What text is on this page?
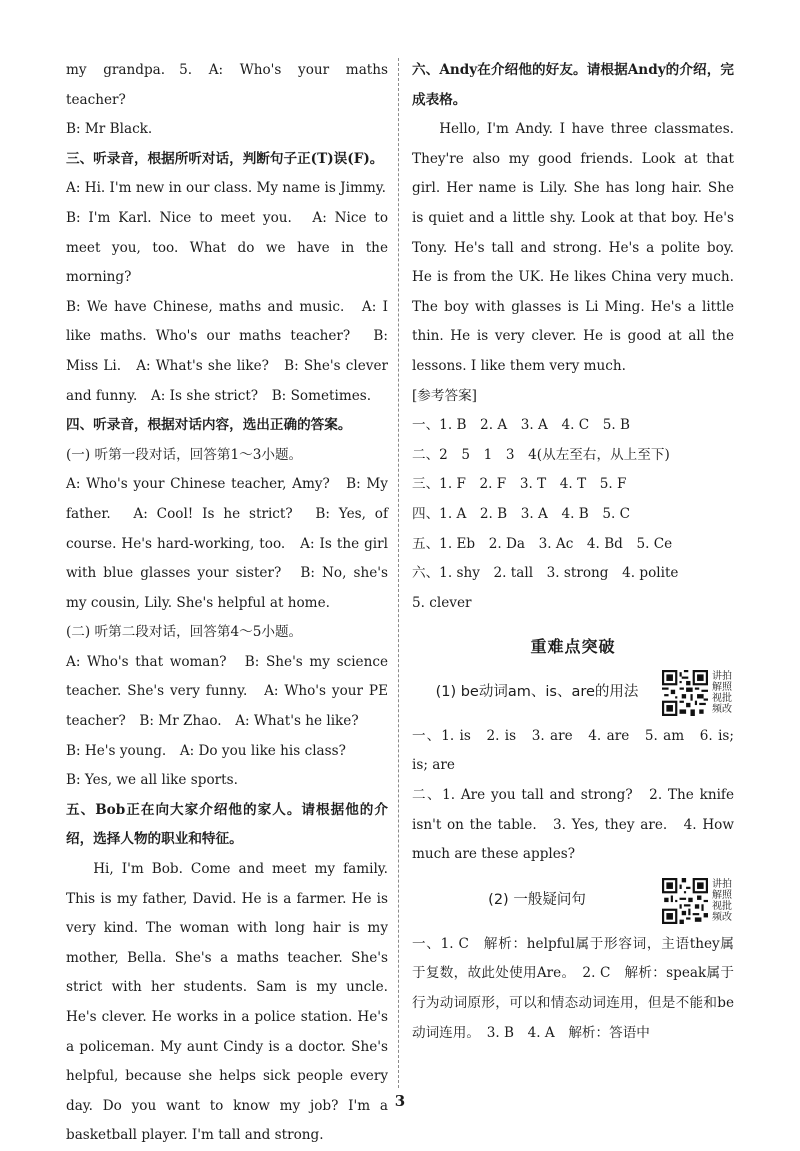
my grandpa. 5. A: Who's your maths teacher?

B: Mr Black.

三、听录音，根据所听对话，判断句子正(T)误(F)。

A: Hi. I'm new in our class. My name is Jimmy.

B: I'm Karl. Nice to meet you.　A: Nice to meet you, too. What do we have in the morning?

B: We have Chinese, maths and music.　A: I like maths. Who's our maths teacher?　B: Miss Li.　A: What's she like?　B: She's clever and funny.　A: Is she strict?　B: Sometimes.

四、听录音，根据对话内容，选出正确的答案。

(一) 听第一段对话，回答第1～3小题。

A: Who's your Chinese teacher, Amy?　B: My father.　A: Cool! Is he strict?　B: Yes, of course. He's hard-working, too.　A: Is the girl with blue glasses your sister?　B: No, she's my cousin, Lily. She's helpful at home.

(二) 听第二段对话，回答第4～5小题。

A: Who's that woman?　B: She's my science teacher. She's very funny.　A: Who's your PE teacher?　B: Mr Zhao.　A: What's he like?

B: He's young.　A: Do you like his class?

B: Yes, we all like sports.

五、Bob正在向大家介绍他的家人。请根据他的介绍，选择人物的职业和特征。

Hi, I'm Bob. Come and meet my family. This is my father, David. He is a farmer. He is very kind. The woman with long hair is my mother, Bella. She's a maths teacher. She's strict with her students. Sam is my uncle. He's clever. He works in a police station. He's a policeman. My aunt Cindy is a doctor. She's helpful, because she helps sick people every day. Do you want to know my job? I'm a basketball player. I'm tall and strong.

六、Andy在介绍他的好友。请根据Andy的介绍，完成表格。

Hello, I'm Andy. I have three classmates. They're also my good friends. Look at that girl. Her name is Lily. She has long hair. She is quiet and a little shy. Look at that boy. He's Tony. He's tall and strong. He's a polite boy. He is from the UK. He likes China very much. The boy with glasses is Li Ming. He's a little thin. He is very clever. He is good at all the lessons. I like them very much.

[参考答案]

一、1. B　2. A　3. A　4. C　5. B

二、2　5　1　3　4(从左至右，从上至下)

三、1. F　2. F　3. T　4. T　5. F

四、1. A　2. B　3. A　4. B　5. C

五、1. Eb　2. Da　3. Ac　4. Bd　5. Ce

六、1. shy　2. tall　3. strong　4. polite

5. clever

重难点突破
(1) be动词am、is、are的用法
讲拍解照视批频改

一、1. is　2. is　3. are　4. are　5. am　6. is; is; are

二、1. Are you tall and strong?　2. The knife isn't on the table.　3. Yes, they are.　4. How much are these apples?

(2) 一般疑问句
讲拍解照视批频改

一、1. C　解析：helpful属于形容词，主语they属于复数，故此处使用Are。　2. C　解析：speak属于行为动词原形，可以和情态动词连用，但是不能和be动词连用。　3. B　4. A　解析：答语中

3
